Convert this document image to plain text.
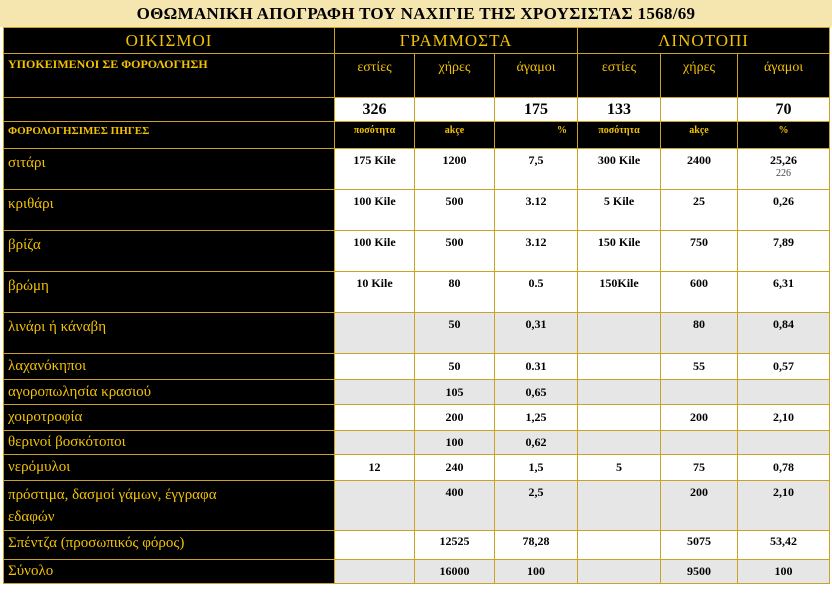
ΟΘΩΜΑΝΙΚΗ ΑΠΟΓΡΑΦΗ ΤΟΥ ΝΑΧΙΓΙΕ ΤΗΣ ΧΡΟΥΣΙΣΤΑΣ 1568/69
ΟΙΚΙΣΜΟΙ	ΓΡΑΜΜΟΣΤΑ			ΛΙΝΟΤΟΠΙ		
ΥΠΟΚΕΙΜΕΝΟΙ ΣΕ ΦΟΡΟΛΟΓΗΣΗ	εστίες	χήρες	άγαμοι	εστίες	χήρες	άγαμοι
	326		175	133		70
ΦΟΡΟΛΟΓΗΣΙΜΕΣ ΠΗΓΕΣ	ποσότητα	akçe	%	ποσότητα	akçe	%
σιτάρι	175 Kile	1200	7,5	300 Kile	2400	25,26
226

κριθάρι	100 Kile	500	3.12	5 Kile	25	0,26
βρίζα	100 Kile	500	3.12	150 Kile	750	7,89
βρώμη	10 Kile	80	0.5	150Kile	600	6,31
λινάρι ή κάναβη		50	0,31		80	0,84
λαχανόκηποι		50	0.31		55	0,57
αγοροπωλησία κρασιού		105	0,65			
χοιροτροφία		200	1,25		200	2,10
θερινοί βοσκότοποι		100	0,62			
νερόμυλοι	12	240	1,5	5	75	0,78

πρόστιμα, δασμοί γάμων, έγγραφα
εδαφών		400	2,5		200	2,10
Σπέντζα (προσωπικός φόρος)		12525	78,28		5075	53,42
Σύνολο		16000	100		9500	100
